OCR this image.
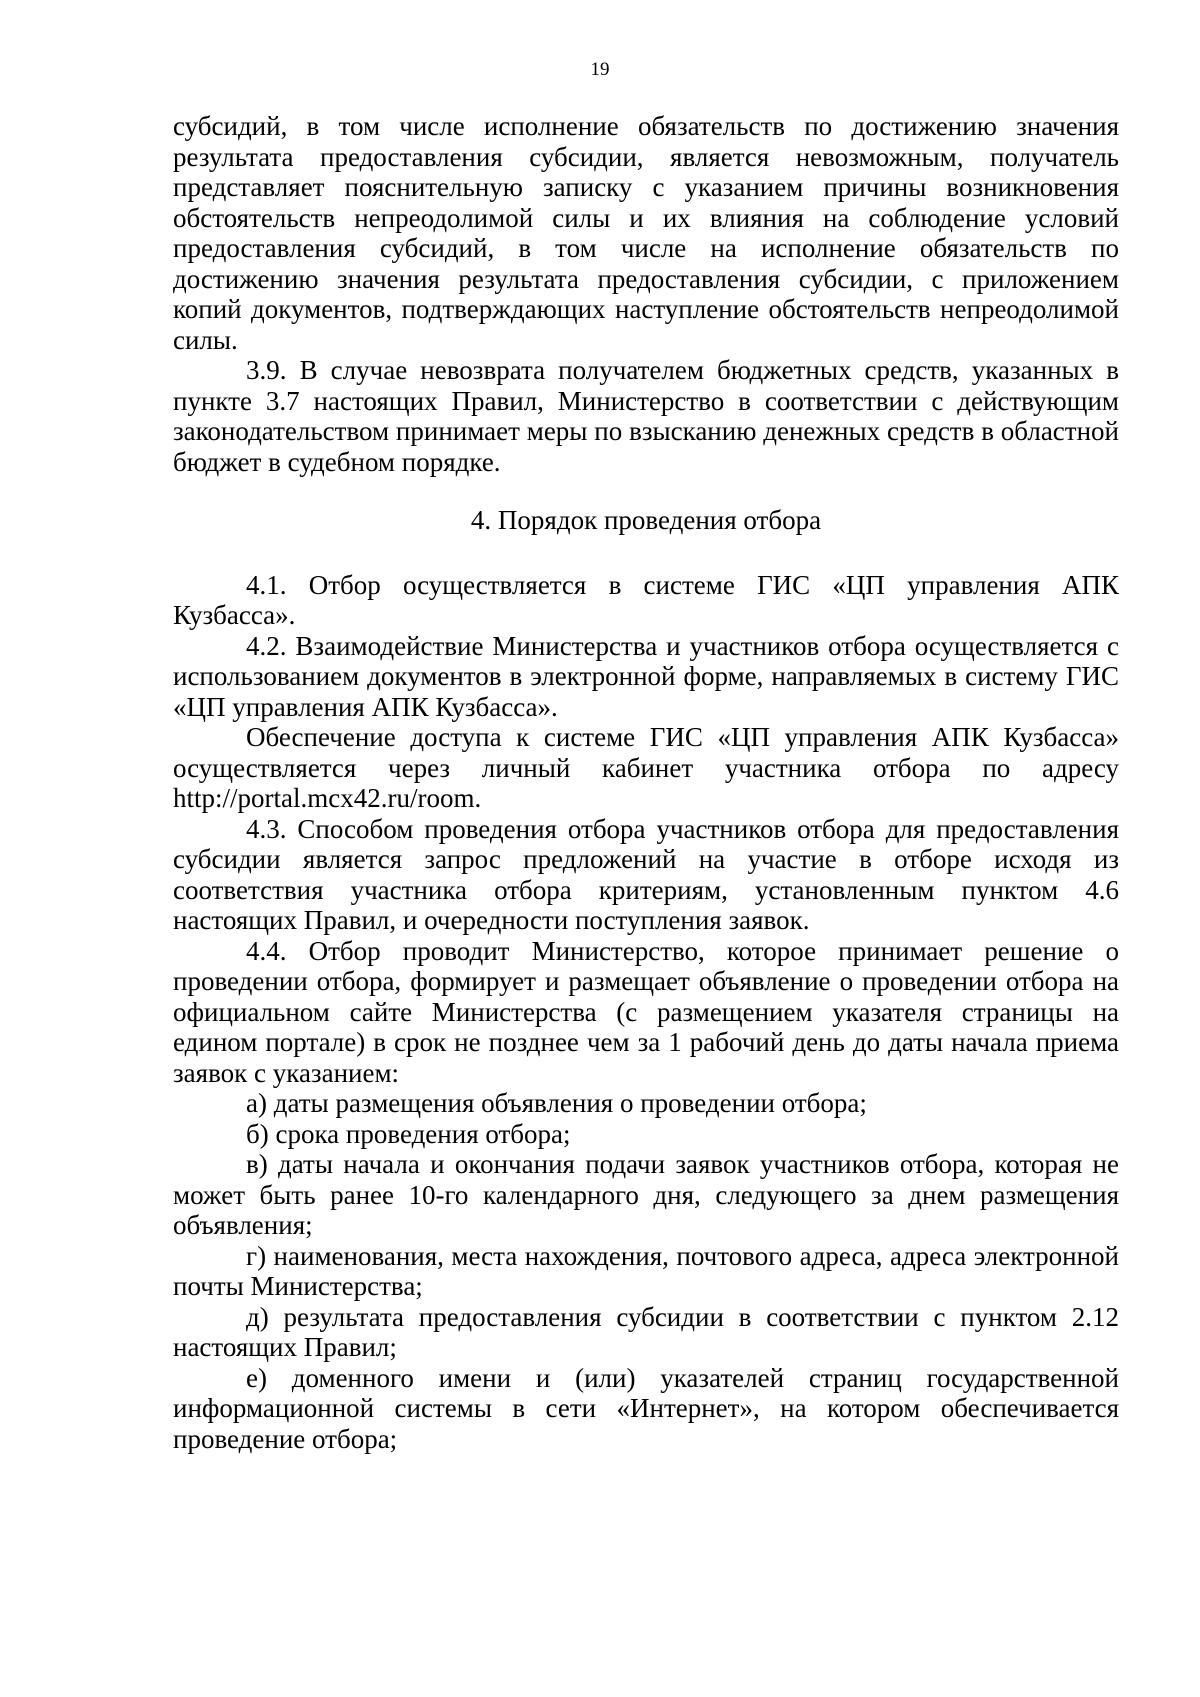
19

субсидий, в том числе исполнение обязательств по достижению значения результата предоставления субсидии, является невозможным, получатель представляет пояснительную записку с указанием причины возникновения обстоятельств непреодолимой силы и их влияния на соблюдение условий предоставления субсидий, в том числе на исполнение обязательств по достижению значения результата предоставления субсидии, с приложением копий документов, подтверждающих наступление обстоятельств непреодолимой силы.

3.9. В случае невозврата получателем бюджетных средств, указанных в пункте 3.7 настоящих Правил, Министерство в соответствии с действующим законодательством принимает меры по взысканию денежных средств в областной бюджет в судебном порядке.

4. Порядок проведения отбора

4.1. Отбор осуществляется в системе ГИС «ЦП управления АПК Кузбасса».

4.2. Взаимодействие Министерства и участников отбора осуществляется с использованием документов в электронной форме, направляемых в систему ГИС «ЦП управления АПК Кузбасса».

Обеспечение доступа к системе ГИС «ЦП управления АПК Кузбасса» осуществляется через личный кабинет участника отбора по адресу http://portal.mcx42.ru/room.

4.3. Способом проведения отбора участников отбора для предоставления субсидии является запрос предложений на участие в отборе исходя из соответствия участника отбора критериям, установленным пунктом 4.6 настоящих Правил, и очередности поступления заявок.

4.4. Отбор проводит Министерство, которое принимает решение о проведении отбора, формирует и размещает объявление о проведении отбора на официальном сайте Министерства (с размещением указателя страницы на едином портале) в срок не позднее чем за 1 рабочий день до даты начала приема заявок с указанием:

а) даты размещения объявления о проведении отбора;

б) срока проведения отбора;

в) даты начала и окончания подачи заявок участников отбора, которая не может быть ранее 10-го календарного дня, следующего за днем размещения объявления;

г) наименования, места нахождения, почтового адреса, адреса электронной почты Министерства;

д) результата предоставления субсидии в соответствии с пунктом 2.12 настоящих Правил;

е) доменного имени и (или) указателей страниц государственной информационной системы в сети «Интернет», на котором обеспечивается проведение отбора;
